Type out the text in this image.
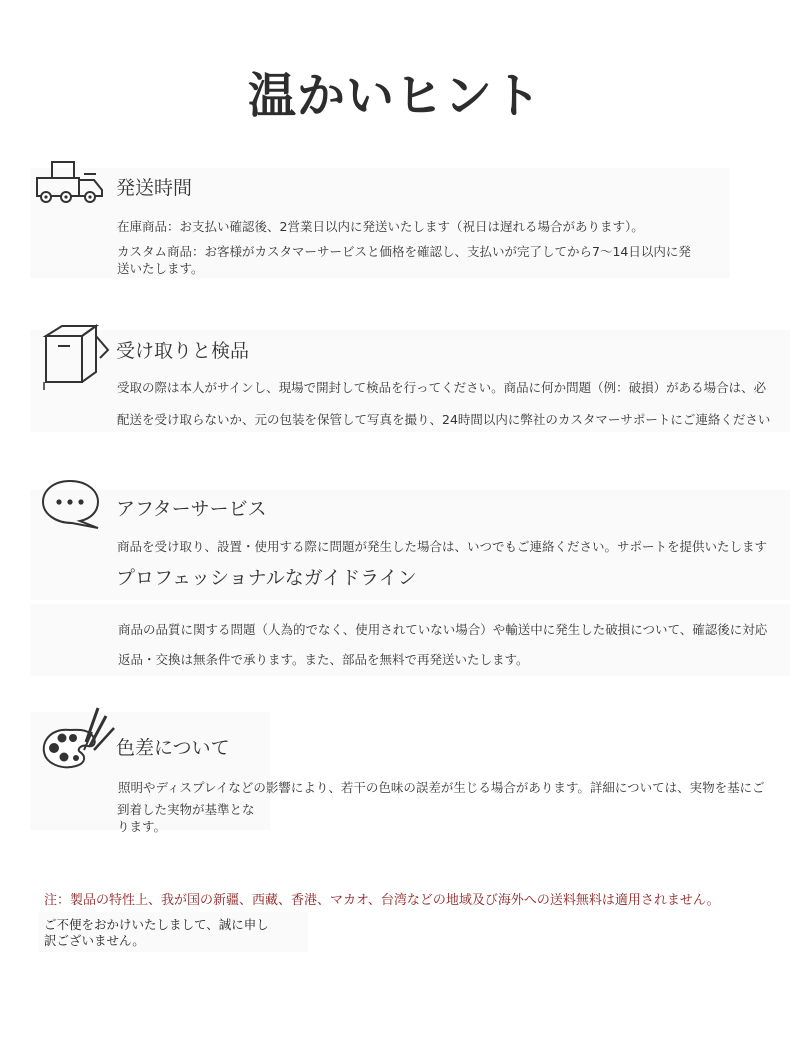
温かいヒント
発送時間
在庫商品：お支払い確認後、2営業日以内に発送いたします（祝日は遅れる場合があります）。
カスタム商品：お客様がカスタマーサービスと価格を確認し、支払いが完了してから7〜14日以内に発送いたします。
受け取りと検品
受取の際は本人がサインし、現場で開封して検品を行ってください。商品に何か問題（例：破損）がある場合は、必
配送を受け取らないか、元の包装を保管して写真を撮り、24時間以内に弊社のカスタマーサポートにご連絡ください
アフターサービス
商品を受け取り、設置・使用する際に問題が発生した場合は、いつでもご連絡ください。サポートを提供いたします
プロフェッショナルなガイドライン
商品の品質に関する問題（人為的でなく、使用されていない場合）や輸送中に発生した破損について、確認後に対応
返品・交換は無条件で承ります。また、部品を無料で再発送いたします。
色差について
照明やディスプレイなどの影響により、若干の色味の誤差が生じる場合があります。詳細については、実物を基にご
到着した実物が基準となります。
注：製品の特性上、我が国の新疆、西藏、香港、マカオ、台湾などの地域及び海外への送料無料は適用されません。
ご不便をおかけいたしまして、誠に申し訳ございません。
